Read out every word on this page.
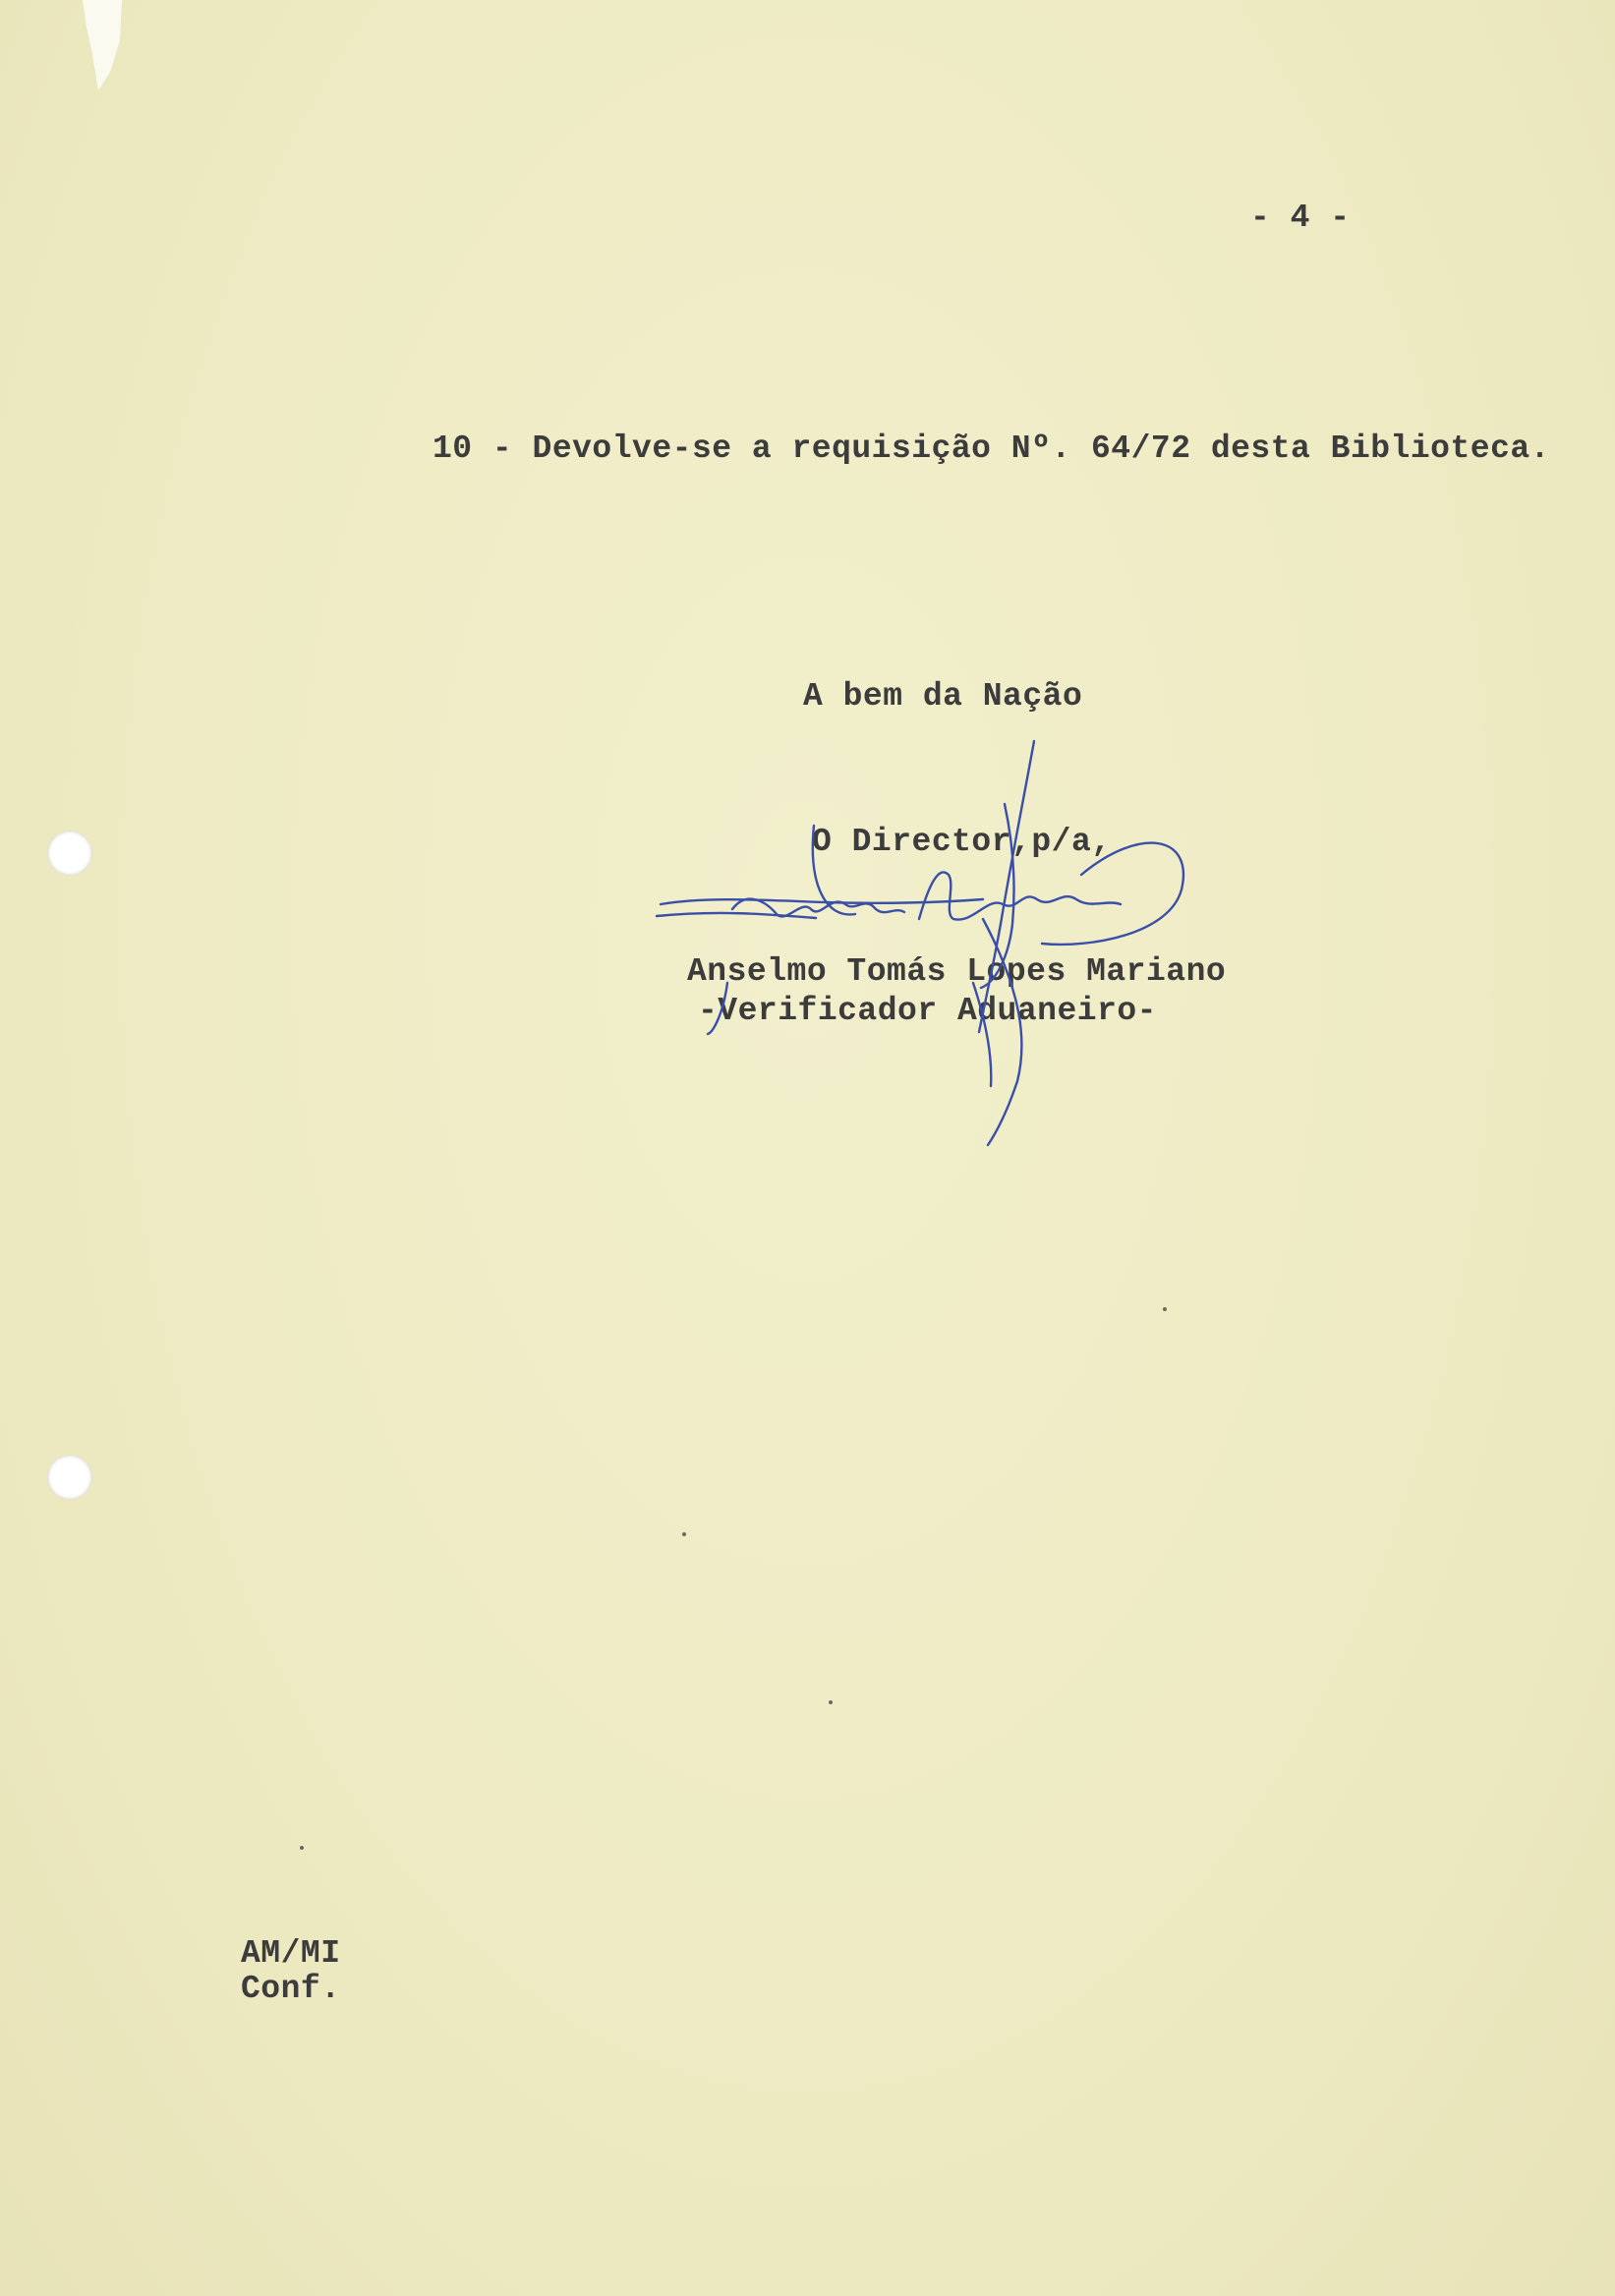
- 4 -
10 - Devolve-se a requisição Nº. 64/72 desta Biblioteca.
A bem da Nação
O Director,p/a,
Anselmo Tomás Lopes Mariano
-Verificador Aduaneiro-
AM/MI
Conf.
